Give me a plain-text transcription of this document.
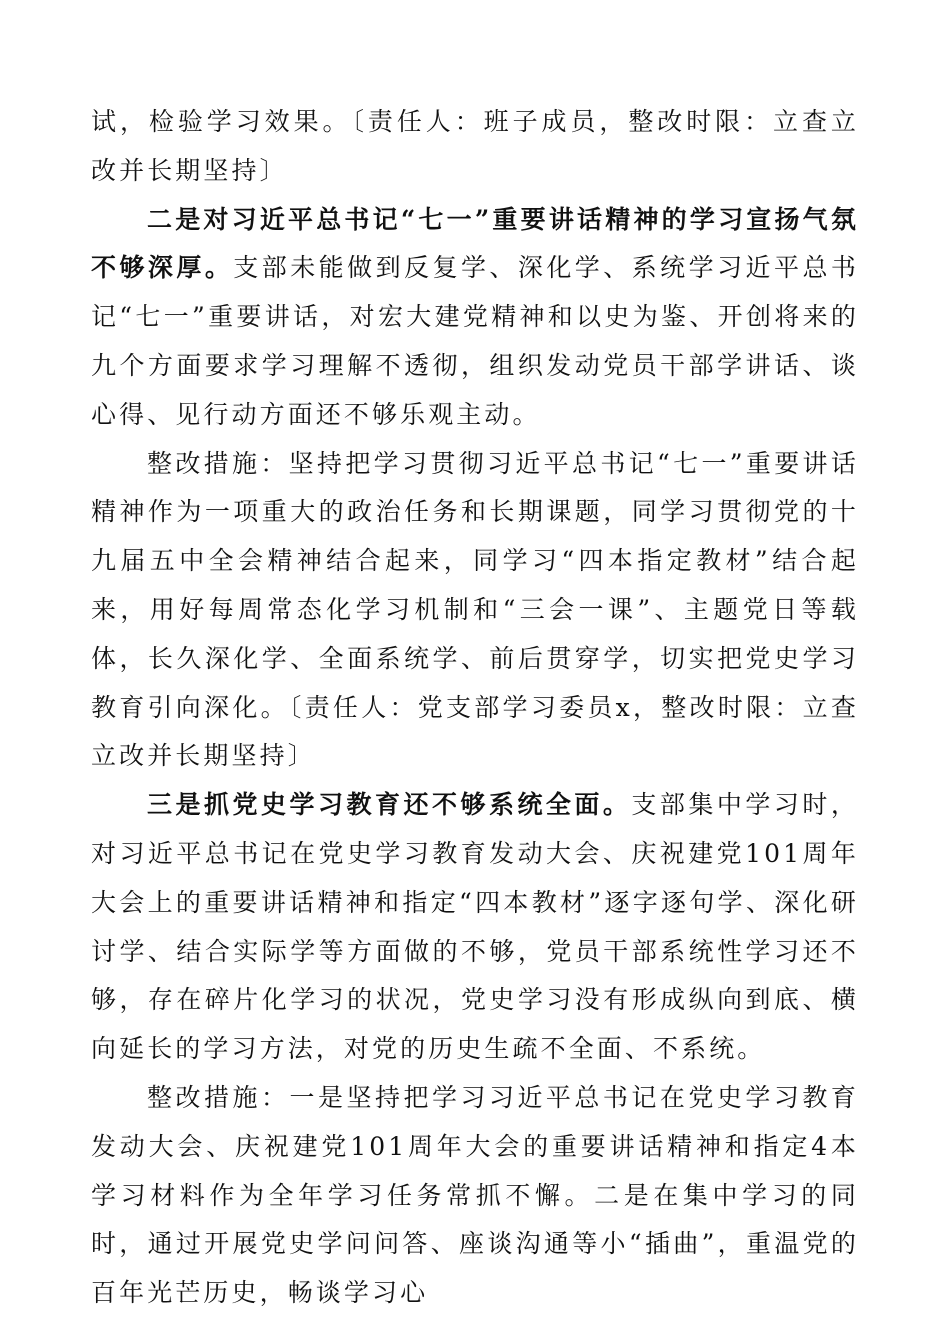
试，检验学习效果。〔责任人：班子成员，整改时限：立查立改并长期坚持〕

二是对习近平总书记“七一”重要讲话精神的学习宣扬气氛不够深厚。支部未能做到反复学、深化学、系统学习近平总书记“七一”重要讲话，对宏大建党精神和以史为鉴、开创将来的九个方面要求学习理解不透彻，组织发动党员干部学讲话、谈心得、见行动方面还不够乐观主动。

整改措施：坚持把学习贯彻习近平总书记“七一”重要讲话精神作为一项重大的政治任务和长期课题，同学习贯彻党的十九届五中全会精神结合起来，同学习“四本指定教材”结合起来，用好每周常态化学习机制和“三会一课”、主题党日等载体，长久深化学、全面系统学、前后贯穿学，切实把党史学习教育引向深化。〔责任人：党支部学习委员x，整改时限：立查立改并长期坚持〕

三是抓党史学习教育还不够系统全面。支部集中学习时，对习近平总书记在党史学习教育发动大会、庆祝建党101周年大会上的重要讲话精神和指定“四本教材”逐字逐句学、深化研讨学、结合实际学等方面做的不够，党员干部系统性学习还不够，存在碎片化学习的状况，党史学习没有形成纵向到底、横向延长的学习方法，对党的历史生疏不全面、不系统。

整改措施：一是坚持把学习习近平总书记在党史学习教育发动大会、庆祝建党101周年大会的重要讲话精神和指定4本学习材料作为全年学习任务常抓不懈。二是在集中学习的同时，通过开展党史学问问答、座谈沟通等小“插曲”，重温党的百年光芒历史，畅谈学习心
